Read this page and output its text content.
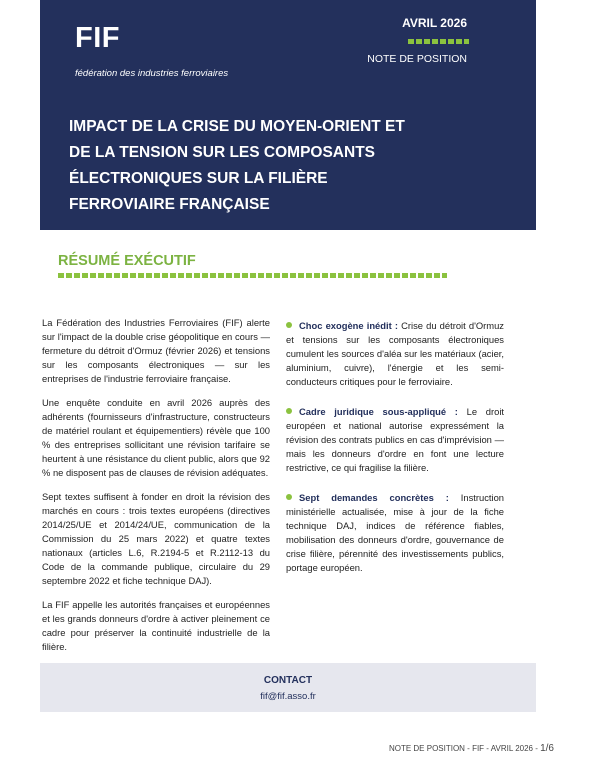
FIF
fédération des industries ferroviaires
AVRIL 2026
NOTE DE POSITION
IMPACT DE LA CRISE DU MOYEN-ORIENT ET
DE LA TENSION SUR LES COMPOSANTS
ÉLECTRONIQUES SUR LA FILIÈRE
FERROVIAIRE FRANÇAISE
RÉSUMÉ EXÉCUTIF

La Fédération des Industries Ferroviaires (FIF) alerte sur l'impact de la double crise géopolitique en cours — fermeture du détroit d'Ormuz (février 2026) et tensions sur les composants électroniques — sur les entreprises de l'industrie ferroviaire française.

Une enquête conduite en avril 2026 auprès des adhérents (fournisseurs d'infrastructure, constructeurs de matériel roulant et équipementiers) révèle que 100 % des entreprises sollicitant une révision tarifaire se heurtent à une résistance du client public, alors que 92 % ne disposent pas de clauses de révision adéquates.

Sept textes suffisent à fonder en droit la révision des marchés en cours : trois textes européens (directives 2014/25/UE et 2014/24/UE, communication de la Commission du 25 mars 2022) et quatre textes nationaux (articles L.6, R.2194-5 et R.2112-13 du Code de la commande publique, circulaire du 29 septembre 2022 et fiche technique DAJ).

La FIF appelle les autorités françaises et européennes et les grands donneurs d'ordre à activer pleinement ce cadre pour préserver la continuité industrielle de la filière.

Choc exogène inédit : Crise du détroit d'Ormuz et tensions sur les composants électroniques cumulent les sources d'aléa sur les matériaux (acier, aluminium, cuivre), l'énergie et les semi-conducteurs critiques pour le ferroviaire.
Cadre juridique sous-appliqué : Le droit européen et national autorise expressément la révision des contrats publics en cas d'imprévision — mais les donneurs d'ordre en font une lecture restrictive, ce qui fragilise la filière.
Sept demandes concrètes : Instruction ministérielle actualisée, mise à jour de la fiche technique DAJ, indices de référence fiables, mobilisation des donneurs d'ordre, gouvernance de crise filière, pérennité des investissements publics, portage européen.
CONTACT
fif@fif.asso.fr
NOTE DE POSITION - FIF - AVRIL 2026 - 1/6
